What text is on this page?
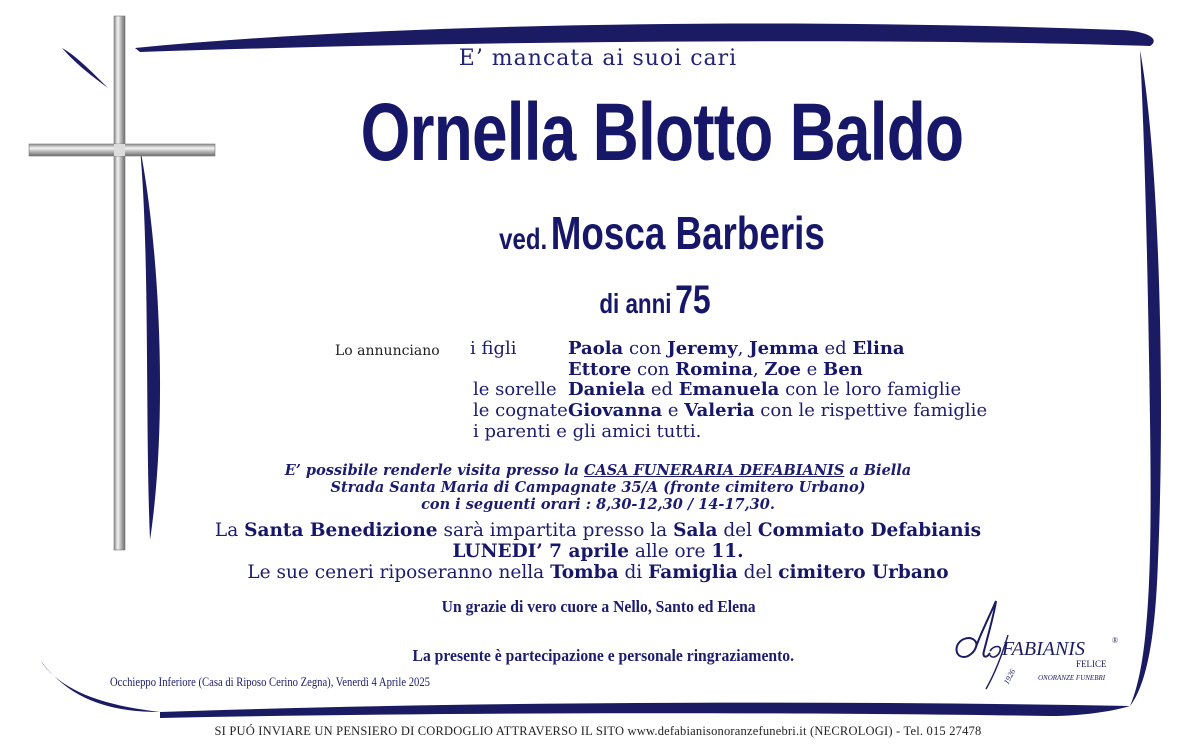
E’ mancata ai suoi cari
Ornella Blotto Baldo
ved. Mosca Barberis
di anni 75
Lo annunciano i figli	Paola con Jeremy, Jemma ed Elina
Ettore con Romina, Zoe e Ben
le sorelle Daniela ed Emanuela con le loro famiglie
le cognate Giovanna e Valeria con le rispettive famiglie
i parenti e gli amici tutti.
E’ possibile renderle visita presso la CASA FUNERARIA DEFABIANIS a Biella
Strada Santa Maria di Campagnate 35/A (fronte cimitero Urbano)
con i seguenti orari : 8,30-12,30 / 14-17,30.
La Santa Benedizione sarà impartita presso la Sala del Commiato Defabianis
LUNEDI’ 7 aprile alle ore 11.
Le sue ceneri riposeranno nella Tomba di Famiglia del cimitero Urbano
Un grazie di vero cuore a Nello, Santo ed Elena
La presente è partecipazione e personale ringraziamento.
Occhieppo Inferiore (Casa di Riposo Cerino Zegna), Venerdì 4 Aprile 2025
FABIANIS	®
FELICE
1926	ONORANZE FUNEBRI
SI PUÓ INVIARE UN PENSIERO DI CORDOGLIO ATTRAVERSO IL SITO www.defabianisonoranzefunebri.it (NECROLOGI) - Tel. 015 27478
